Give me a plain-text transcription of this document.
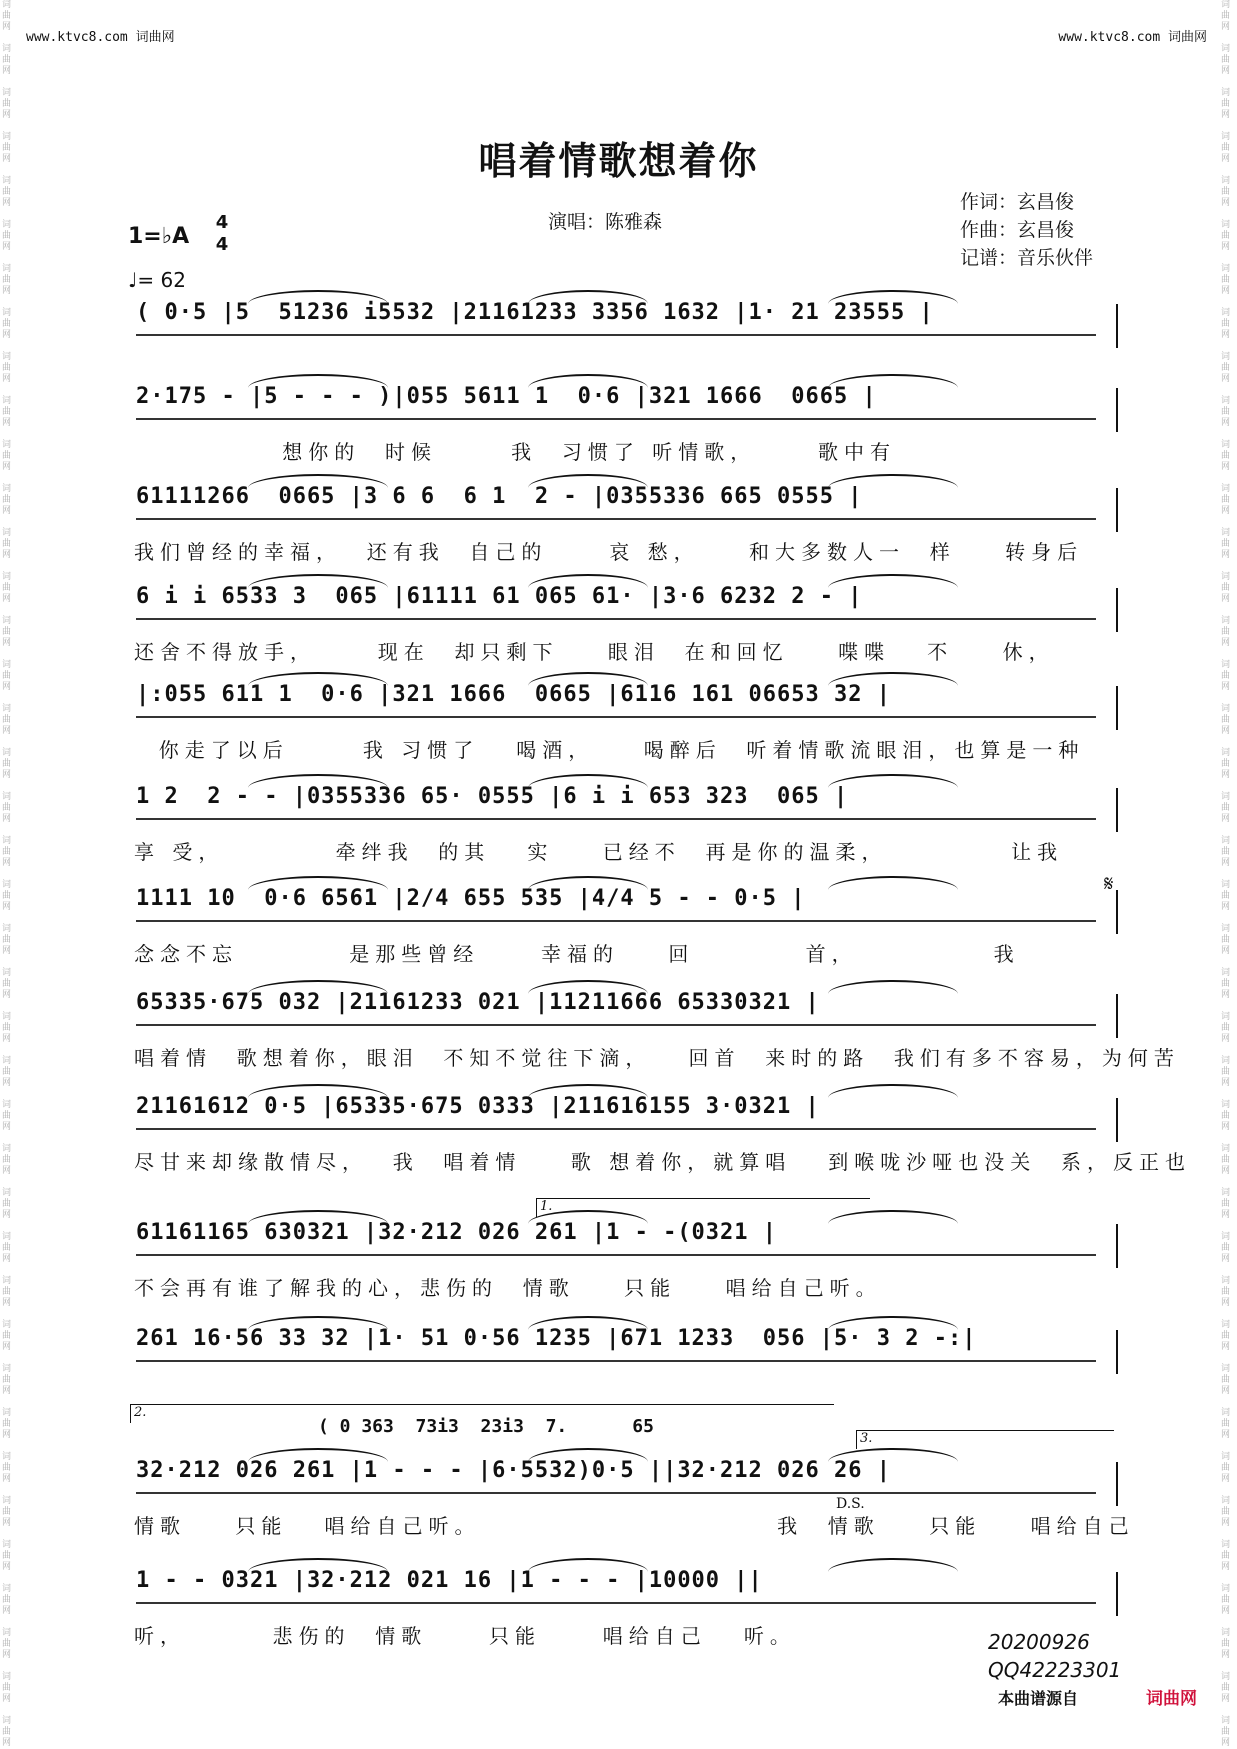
词曲网

词曲网

词曲网

词曲网

词曲网

词曲网

词曲网

词曲网

词曲网

词曲网

词曲网

词曲网

词曲网

词曲网

词曲网

词曲网

词曲网

词曲网

词曲网

词曲网

词曲网

词曲网

词曲网

词曲网

词曲网

词曲网

词曲网

词曲网

词曲网

词曲网

词曲网

词曲网

词曲网

词曲网

词曲网

词曲网

词曲网

词曲网

词曲网

词曲网

词曲网

词曲网

词曲网

词曲网

词曲网

词曲网

词曲网

词曲网

词曲网

词曲网

词曲网

词曲网

词曲网

词曲网

词曲网

词曲网

词曲网

词曲网

词曲网

词曲网

词曲网

词曲网

词曲网

词曲网

词曲网

词曲网

词曲网

词曲网

词曲网

词曲网

词曲网

词曲网

词曲网

词曲网

词曲网

词曲网

词曲网

词曲网

词曲网

词曲网

www.ktvc8.com 词曲网	www.ktvc8.com 词曲网
唱着情歌想着你
1=♭A
4
4
♩= 62
演唱：陈雅森
作词：玄昌俊
作曲：玄昌俊
记谱：音乐伙伴
( 0·5 |5  51236 i5532 |21161233 3356 1632 |1· 21 23555 |
2·175 - |5 - - - )|055 5611 1  0·6 |321 1666  0665 |
想你的  时候      我  习惯了 听情歌，     歌中有
61111266  0665 |3 6 6  6 1  2 - |0355336 665 0555 |
我们曾经的幸福，  还有我  自己的     哀 愁，    和大多数人一  样    转身后
6 i i 6533 3  065 |61111 61 065 61· |3·6 6232 2 - |
还舍不得放手，     现在  却只剩下    眼泪  在和回忆    喋喋   不    休，
|:055 611 1  0·6 |321 1666  0665 |6116 161 06653 32 |
你走了以后      我 习惯了   喝酒，    喝醉后  听着情歌流眼泪，也算是一种
1 2  2 - - |0355336 65· 0555 |6 i i 653 323  065 |
享 受，         牵绊我  的其   实    已经不  再是你的温柔，          让我
1111 10  0·6 6561 |2/4 655 535 |4/4 5 - - 0·5 |
念念不忘         是那些曾经     幸福的    回         首，           我
65335·675 032 |21161233 021 |11211666 65330321 |
唱着情  歌想着你，眼泪  不知不觉往下滴，   回首  来时的路  我们有多不容易，为何苦
21161612 0·5 |65335·675 0333 |211616155 3·0321 |
尽甘来却缘散情尽，  我  唱着情    歌 想着你，就算唱   到喉咙沙哑也没关  系，反正也
61161165 630321 |32·212 026 261 |1 - -(0321 |
不会再有谁了解我的心，悲伤的  情歌    只能    唱给自己听。
261 16·56 33 32 |1· 51 0·56 1235 |671 1233  056 |5· 3 2 -:|
32·212 026 261 |1 - - - |6·5532)0·5 ||32·212 026 26 |
情歌    只能   唱给自己听。                        我  情歌    只能    唱给自己
1 - - 0321 |32·212 021 16 |1 - - - |10000 ||
听，       悲伤的  情歌     只能     唱给自己   听。
( 0 363  73i3  23i3  7.      65
1.
2.
3.
D.S.
𝄋
20200926
QQ42223301
本曲谱源自	词曲网
